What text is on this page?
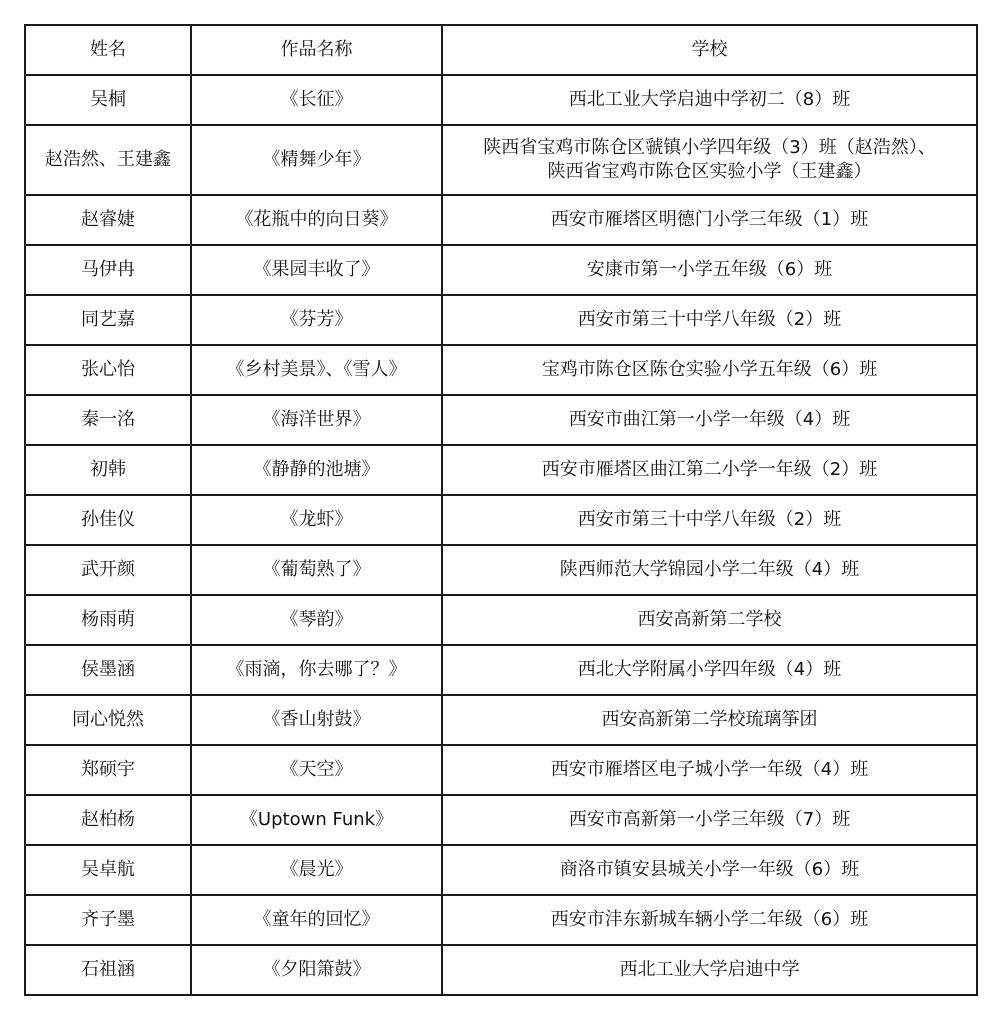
姓名	作品名称	学校
吴桐	《长征》	西北工业大学启迪中学初二（8）班

赵浩然、王建鑫	《精舞少年》	陕西省宝鸡市陈仓区虢镇小学四年级（3）班（赵浩然）、
陕西省宝鸡市陈仓区实验小学（王建鑫）

赵睿婕	《花瓶中的向日葵》	西安市雁塔区明德门小学三年级（1）班

马伊冉	《果园丰收了》	安康市第一小学五年级（6）班

同艺嘉	《芬芳》	西安市第三十中学八年级（2）班

张心怡	《乡村美景》、《雪人》	宝鸡市陈仓区陈仓实验小学五年级（6）班

秦一洺	《海洋世界》	西安市曲江第一小学一年级（4）班

初韩	《静静的池塘》	西安市雁塔区曲江第二小学一年级（2）班

孙佳仪	《龙虾》	西安市第三十中学八年级（2）班

武开颜	《葡萄熟了》	陕西师范大学锦园小学二年级（4）班

杨雨萌	《琴韵》	西安高新第二学校

侯墨涵	《雨滴，你去哪了？》	西北大学附属小学四年级（4）班

同心悦然	《香山射鼓》	西安高新第二学校琉璃筝团

郑硕宇	《天空》	西安市雁塔区电子城小学一年级（4）班

赵柏杨	《Uptown Funk》	西安市高新第一小学三年级（7）班

吴卓航	《晨光》	商洛市镇安县城关小学一年级（6）班

齐子墨	《童年的回忆》	西安市沣东新城车辆小学二年级（6）班

石祖涵	《夕阳箫鼓》	西北工业大学启迪中学
